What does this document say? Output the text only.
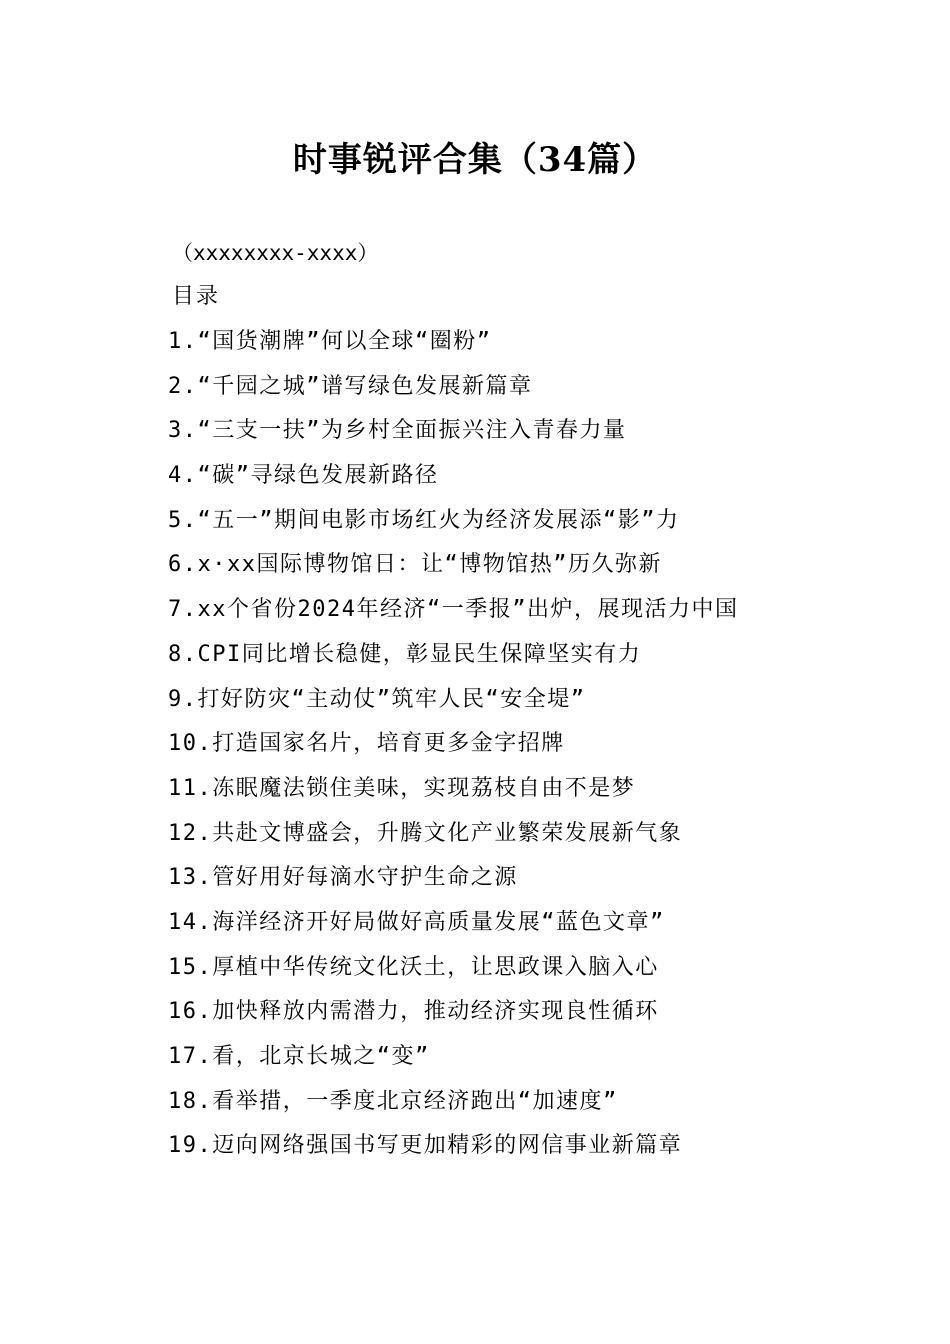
时事锐评合集（34篇）
（xxxxxxxx-xxxx）
目录
1.“国货潮牌”何以全球“圈粉”
2.“千园之城”谱写绿色发展新篇章
3.“三支一扶”为乡村全面振兴注入青春力量
4.“碳”寻绿色发展新路径
5.“五一”期间电影市场红火为经济发展添“影”力
6.x·xx国际博物馆日：让“博物馆热”历久弥新
7.xx个省份2024年经济“一季报”出炉，展现活力中国
8.CPI同比增长稳健，彰显民生保障坚实有力
9.打好防灾“主动仗”筑牢人民“安全堤”
10.打造国家名片，培育更多金字招牌
11.冻眠魔法锁住美味，实现荔枝自由不是梦
12.共赴文博盛会，升腾文化产业繁荣发展新气象
13.管好用好每滴水守护生命之源
14.海洋经济开好局做好高质量发展“蓝色文章”
15.厚植中华传统文化沃土，让思政课入脑入心
16.加快释放内需潜力，推动经济实现良性循环
17.看，北京长城之“变”
18.看举措，一季度北京经济跑出“加速度”
19.迈向网络强国书写更加精彩的网信事业新篇章
